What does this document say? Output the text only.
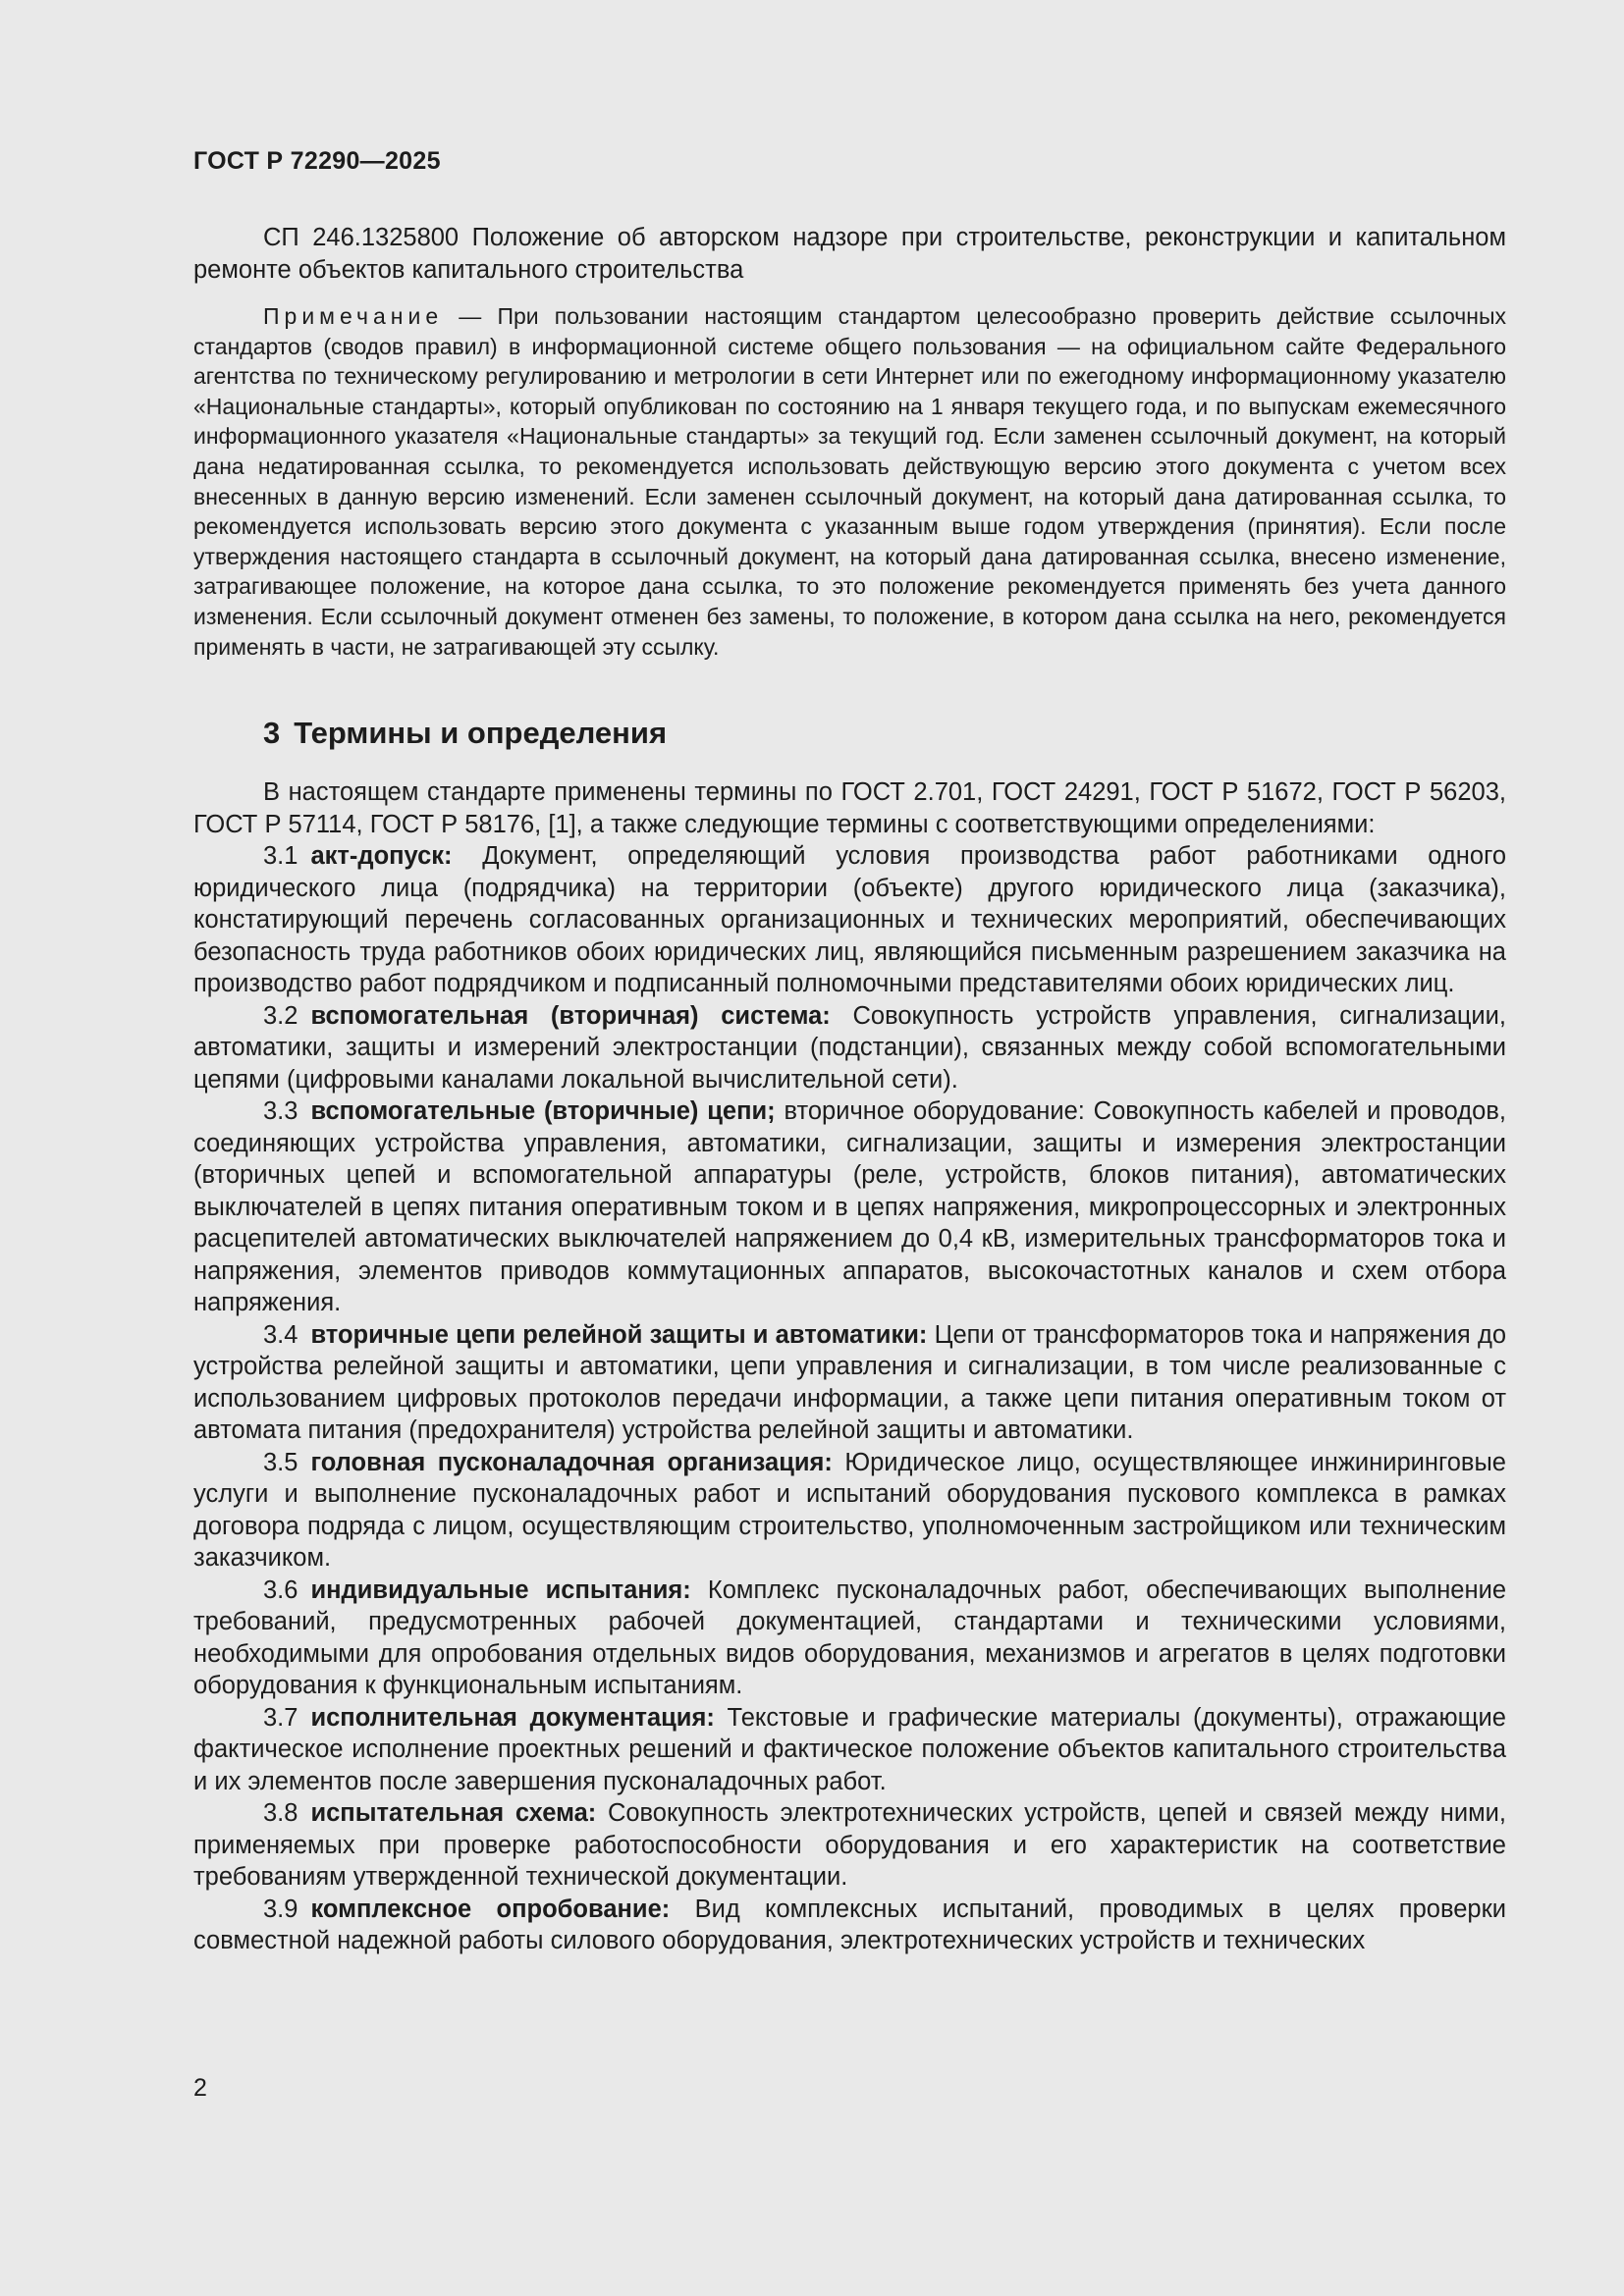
ГОСТ Р 72290—2025

СП 246.1325800 Положение об авторском надзоре при строительстве, реконструкции и капитальном ремонте объектов капитального строительства

Примечание — При пользовании настоящим стандартом целесообразно проверить действие ссылочных стандартов (сводов правил) в информационной системе общего пользования — на официальном сайте Федерального агентства по техническому регулированию и метрологии в сети Интернет или по ежегодному информационному указателю «Национальные стандарты», который опубликован по состоянию на 1 января текущего года, и по выпускам ежемесячного информационного указателя «Национальные стандарты» за текущий год. Если заменен ссылочный документ, на который дана недатированная ссылка, то рекомендуется использовать действующую версию этого документа с учетом всех внесенных в данную версию изменений. Если заменен ссылочный документ, на который дана датированная ссылка, то рекомендуется использовать версию этого документа с указанным выше годом утверждения (принятия). Если после утверждения настоящего стандарта в ссылочный документ, на который дана датированная ссылка, внесено изменение, затрагивающее положение, на которое дана ссылка, то это положение рекомендуется применять без учета данного изменения. Если ссылочный документ отменен без замены, то положение, в котором дана ссылка на него, рекомендуется применять в части, не затрагивающей эту ссылку.

3 Термины и определения

В настоящем стандарте применены термины по ГОСТ 2.701, ГОСТ 24291, ГОСТ Р 51672, ГОСТ Р 56203, ГОСТ Р 57114, ГОСТ Р 58176, [1], а также следующие термины с соответствующими определениями:

3.1 акт-допуск: Документ, определяющий условия производства работ работниками одного юридического лица (подрядчика) на территории (объекте) другого юридического лица (заказчика), констатирующий перечень согласованных организационных и технических мероприятий, обеспечивающих безопасность труда работников обоих юридических лиц, являющийся письменным разрешением заказчика на производство работ подрядчиком и подписанный полномочными представителями обоих юридических лиц.

3.2 вспомогательная (вторичная) система: Совокупность устройств управления, сигнализации, автоматики, защиты и измерений электростанции (подстанции), связанных между собой вспомогательными цепями (цифровыми каналами локальной вычислительной сети).

3.3 вспомогательные (вторичные) цепи; вторичное оборудование: Совокупность кабелей и проводов, соединяющих устройства управления, автоматики, сигнализации, защиты и измерения электростанции (вторичных цепей и вспомогательной аппаратуры (реле, устройств, блоков питания), автоматических выключателей в цепях питания оперативным током и в цепях напряжения, микропроцессорных и электронных расцепителей автоматических выключателей напряжением до 0,4 кВ, измерительных трансформаторов тока и напряжения, элементов приводов коммутационных аппаратов, высокочастотных каналов и схем отбора напряжения.

3.4 вторичные цепи релейной защиты и автоматики: Цепи от трансформаторов тока и напряжения до устройства релейной защиты и автоматики, цепи управления и сигнализации, в том числе реализованные с использованием цифровых протоколов передачи информации, а также цепи питания оперативным током от автомата питания (предохранителя) устройства релейной защиты и автоматики.

3.5 головная пусконаладочная организация: Юридическое лицо, осуществляющее инжиниринговые услуги и выполнение пусконаладочных работ и испытаний оборудования пускового комплекса в рамках договора подряда с лицом, осуществляющим строительство, уполномоченным застройщиком или техническим заказчиком.

3.6 индивидуальные испытания: Комплекс пусконаладочных работ, обеспечивающих выполнение требований, предусмотренных рабочей документацией, стандартами и техническими условиями, необходимыми для опробования отдельных видов оборудования, механизмов и агрегатов в целях подготовки оборудования к функциональным испытаниям.

3.7 исполнительная документация: Текстовые и графические материалы (документы), отражающие фактическое исполнение проектных решений и фактическое положение объектов капитального строительства и их элементов после завершения пусконаладочных работ.

3.8 испытательная схема: Совокупность электротехнических устройств, цепей и связей между ними, применяемых при проверке работоспособности оборудования и его характеристик на соответствие требованиям утвержденной технической документации.

3.9 комплексное опробование: Вид комплексных испытаний, проводимых в целях проверки совместной надежной работы силового оборудования, электротехнических устройств и технических

2
